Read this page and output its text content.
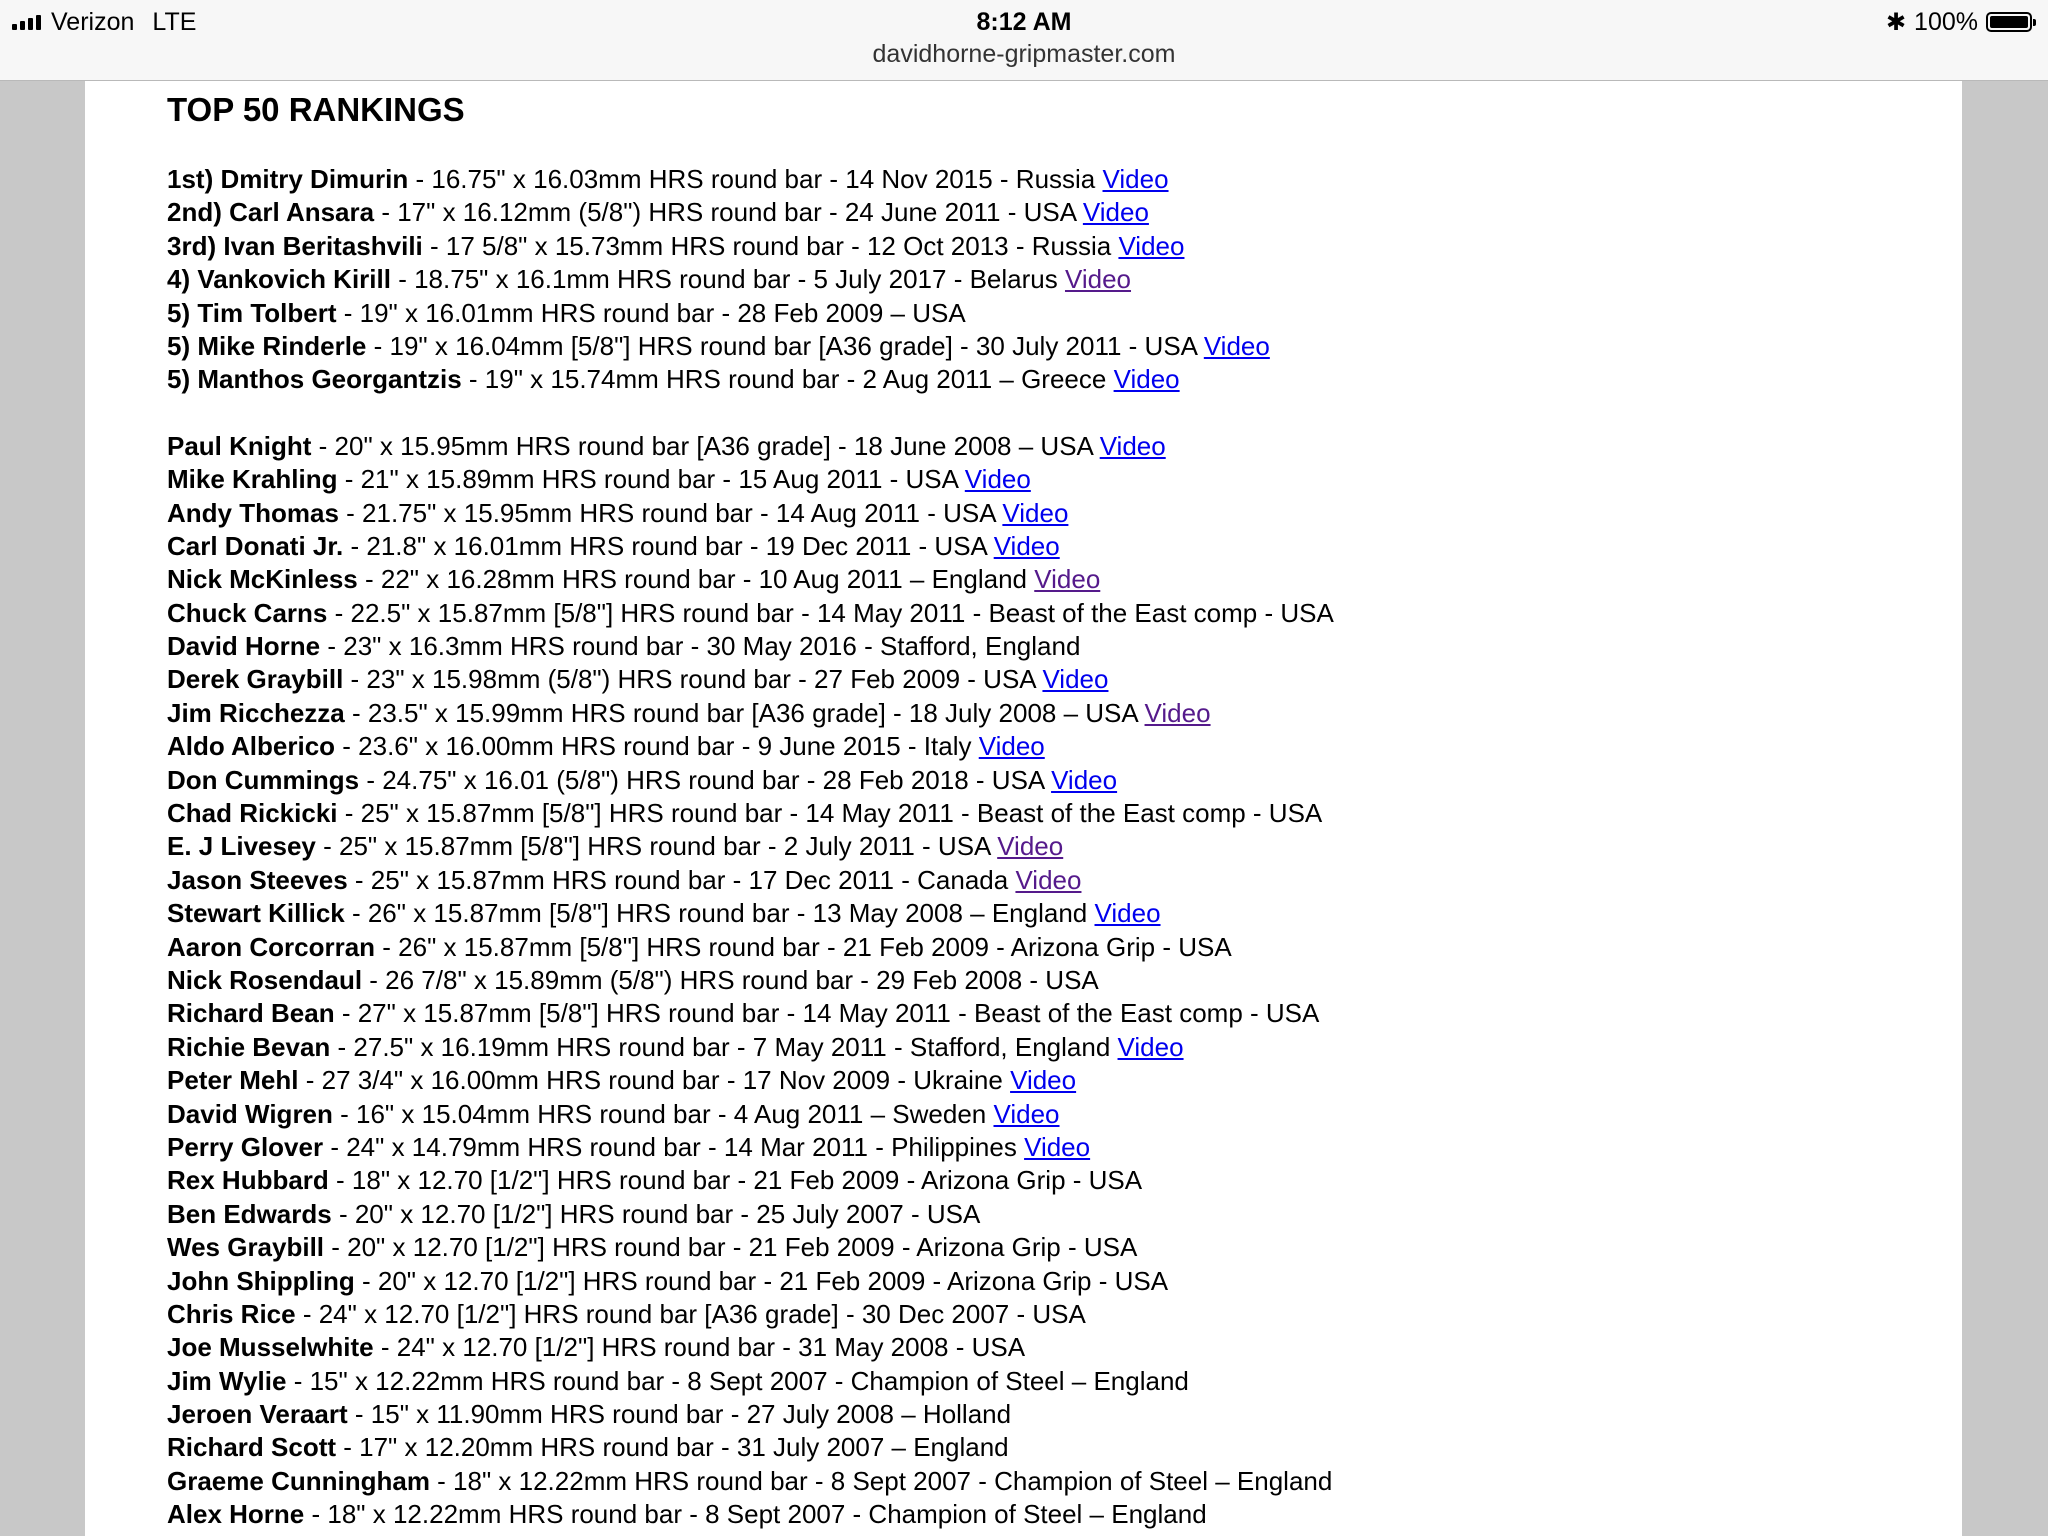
Verizon LTE	8:12 AM
davidhorne-gripmaster.com
✱ 100%
TOP 50 RANKINGS
1st) Dmitry Dimurin - 16.75" x 16.03mm HRS round bar - 14 Nov 2015 - Russia Video
2nd) Carl Ansara - 17" x 16.12mm (5/8") HRS round bar - 24 June 2011 - USA Video
3rd) Ivan Beritashvili - 17 5/8" x 15.73mm HRS round bar - 12 Oct 2013 - Russia Video
4) Vankovich Kirill - 18.75" x 16.1mm HRS round bar - 5 July 2017 - Belarus Video
5) Tim Tolbert - 19" x 16.01mm HRS round bar - 28 Feb 2009 – USA
5) Mike Rinderle - 19" x 16.04mm [5/8"] HRS round bar [A36 grade] - 30 July 2011 - USA Video
5) Manthos Georgantzis - 19" x 15.74mm HRS round bar - 2 Aug 2011 – Greece Video
Paul Knight - 20" x 15.95mm HRS round bar [A36 grade] - 18 June 2008 – USA Video
Mike Krahling - 21" x 15.89mm HRS round bar - 15 Aug 2011 - USA Video
Andy Thomas - 21.75" x 15.95mm HRS round bar - 14 Aug 2011 - USA Video
Carl Donati Jr. - 21.8" x 16.01mm HRS round bar - 19 Dec 2011 - USA Video
Nick McKinless - 22" x 16.28mm HRS round bar - 10 Aug 2011 – England Video
Chuck Carns - 22.5" x 15.87mm [5/8"] HRS round bar - 14 May 2011 - Beast of the East comp - USA
David Horne - 23" x 16.3mm HRS round bar - 30 May 2016 - Stafford, England
Derek Graybill - 23" x 15.98mm (5/8") HRS round bar - 27 Feb 2009 - USA Video
Jim Ricchezza - 23.5" x 15.99mm HRS round bar [A36 grade] - 18 July 2008 – USA Video
Aldo Alberico - 23.6" x 16.00mm HRS round bar - 9 June 2015 - Italy Video
Don Cummings - 24.75" x 16.01 (5/8") HRS round bar - 28 Feb 2018 - USA Video
Chad Rickicki - 25" x 15.87mm [5/8"] HRS round bar - 14 May 2011 - Beast of the East comp - USA
E. J Livesey - 25" x 15.87mm [5/8"] HRS round bar - 2 July 2011 - USA Video
Jason Steeves - 25" x 15.87mm HRS round bar - 17 Dec 2011 - Canada Video
Stewart Killick - 26" x 15.87mm [5/8"] HRS round bar - 13 May 2008 – England Video
Aaron Corcorran - 26" x 15.87mm [5/8"] HRS round bar - 21 Feb 2009 - Arizona Grip - USA
Nick Rosendaul - 26 7/8" x 15.89mm (5/8") HRS round bar - 29 Feb 2008 - USA
Richard Bean - 27" x 15.87mm [5/8"] HRS round bar - 14 May 2011 - Beast of the East comp - USA
Richie Bevan - 27.5" x 16.19mm HRS round bar - 7 May 2011 - Stafford, England Video
Peter Mehl - 27 3/4" x 16.00mm HRS round bar - 17 Nov 2009 - Ukraine Video
David Wigren - 16" x 15.04mm HRS round bar - 4 Aug 2011 – Sweden Video
Perry Glover - 24" x 14.79mm HRS round bar - 14 Mar 2011 - Philippines Video
Rex Hubbard - 18" x 12.70 [1/2"] HRS round bar - 21 Feb 2009 - Arizona Grip - USA
Ben Edwards - 20" x 12.70 [1/2"] HRS round bar - 25 July 2007 - USA
Wes Graybill - 20" x 12.70 [1/2"] HRS round bar - 21 Feb 2009 - Arizona Grip - USA
John Shippling - 20" x 12.70 [1/2"] HRS round bar - 21 Feb 2009 - Arizona Grip - USA
Chris Rice - 24" x 12.70 [1/2"] HRS round bar [A36 grade] - 30 Dec 2007 - USA
Joe Musselwhite - 24" x 12.70 [1/2"] HRS round bar - 31 May 2008 - USA
Jim Wylie - 15" x 12.22mm HRS round bar - 8 Sept 2007 - Champion of Steel – England
Jeroen Veraart - 15" x 11.90mm HRS round bar - 27 July 2008 – Holland
Richard Scott - 17" x 12.20mm HRS round bar - 31 July 2007 – England
Graeme Cunningham - 18" x 12.22mm HRS round bar - 8 Sept 2007 - Champion of Steel – England
Alex Horne - 18" x 12.22mm HRS round bar - 8 Sept 2007 - Champion of Steel – England
